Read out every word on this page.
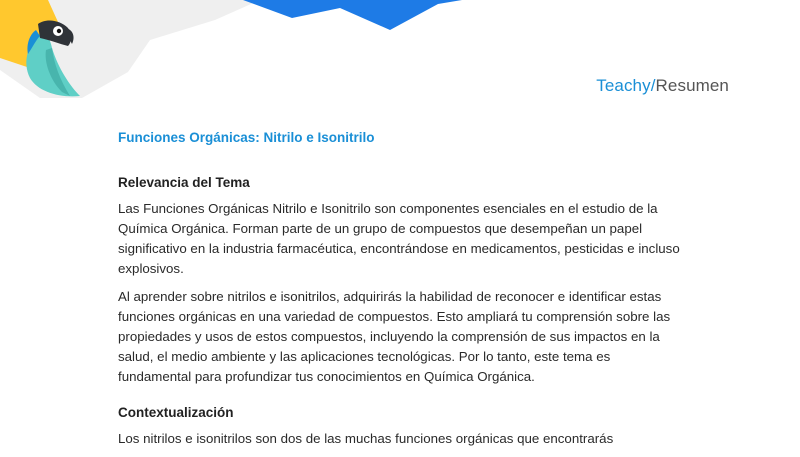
Teachy/Resumen
Funciones Orgánicas: Nitrilo e Isonitrilo
Relevancia del Tema

Las Funciones Orgánicas Nitrilo e Isonitrilo son componentes esenciales en el estudio de la Química Orgánica. Forman parte de un grupo de compuestos que desempeñan un papel significativo en la industria farmacéutica, encontrándose en medicamentos, pesticidas e incluso explosivos.

Al aprender sobre nitrilos e isonitrilos, adquirirás la habilidad de reconocer e identificar estas funciones orgánicas en una variedad de compuestos. Esto ampliará tu comprensión sobre las propiedades y usos de estos compuestos, incluyendo la comprensión de sus impactos en la salud, el medio ambiente y las aplicaciones tecnológicas. Por lo tanto, este tema es fundamental para profundizar tus conocimientos en Química Orgánica.

Contextualización

Los nitrilos e isonitrilos son dos de las muchas funciones orgánicas que encontrarás
